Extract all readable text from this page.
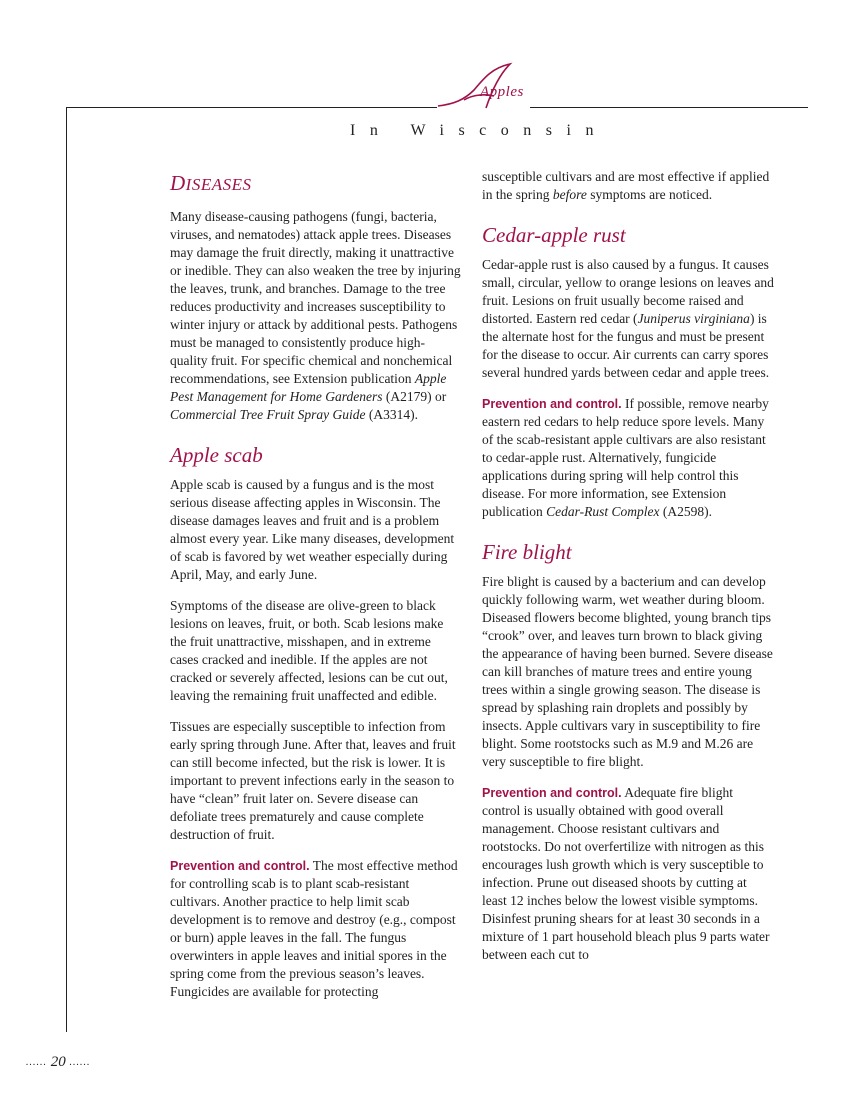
Apples
In Wisconsin
DISEASES

Many disease-causing pathogens (fungi, bacteria, viruses, and nematodes) attack apple trees. Diseases may damage the fruit directly, making it unattractive or inedible. They can also weaken the tree by injuring the leaves, trunk, and branches. Damage to the tree reduces productivity and increases susceptibility to winter injury or attack by additional pests. Pathogens must be managed to consistently produce high-quality fruit. For specific chemical and nonchemical recommendations, see Extension publication Apple Pest Management for Home Gardeners (A2179) or Commercial Tree Fruit Spray Guide (A3314).

Apple scab

Apple scab is caused by a fungus and is the most serious disease affecting apples in Wisconsin. The disease damages leaves and fruit and is a problem almost every year. Like many diseases, development of scab is favored by wet weather especially during April, May, and early June.

Symptoms of the disease are olive-green to black lesions on leaves, fruit, or both. Scab lesions make the fruit unattractive, misshapen, and in extreme cases cracked and inedible. If the apples are not cracked or severely affected, lesions can be cut out, leaving the remaining fruit unaffected and edible.

Tissues are especially susceptible to infection from early spring through June. After that, leaves and fruit can still become infected, but the risk is lower. It is important to prevent infections early in the season to have “clean” fruit later on. Severe disease can defoliate trees prematurely and cause complete destruction of fruit.

Prevention and control. The most effective method for controlling scab is to plant scab-resistant cultivars. Another practice to help limit scab development is to remove and destroy (e.g., compost or burn) apple leaves in the fall. The fungus overwinters in apple leaves and initial spores in the spring come from the previous season’s leaves. Fungicides are available for protecting

susceptible cultivars and are most effective if applied in the spring before symptoms are noticed.

Cedar-apple rust

Cedar-apple rust is also caused by a fungus. It causes small, circular, yellow to orange lesions on leaves and fruit. Lesions on fruit usually become raised and distorted. Eastern red cedar (Juniperus virginiana) is the alternate host for the fungus and must be present for the disease to occur. Air currents can carry spores several hundred yards between cedar and apple trees.

Prevention and control. If possible, remove nearby eastern red cedars to help reduce spore levels. Many of the scab-resistant apple cultivars are also resistant to cedar-apple rust. Alternatively, fungicide applications during spring will help control this disease. For more information, see Extension publication Cedar-Rust Complex (A2598).

Fire blight

Fire blight is caused by a bacterium and can develop quickly following warm, wet weather during bloom. Diseased flowers become blighted, young branch tips “crook” over, and leaves turn brown to black giving the appearance of having been burned. Severe disease can kill branches of mature trees and entire young trees within a single growing season. The disease is spread by splashing rain droplets and possibly by insects. Apple cultivars vary in susceptibility to fire blight. Some rootstocks such as M.9 and M.26 are very susceptible to fire blight.

Prevention and control. Adequate fire blight control is usually obtained with good overall management. Choose resistant cultivars and rootstocks. Do not overfertilize with nitrogen as this encourages lush growth which is very susceptible to infection. Prune out diseased shoots by cutting at least 12 inches below the lowest visible symptoms. Disinfest pruning shears for at least 30 seconds in a mixture of 1 part household bleach plus 9 parts water between each cut to

...... 20 ......
